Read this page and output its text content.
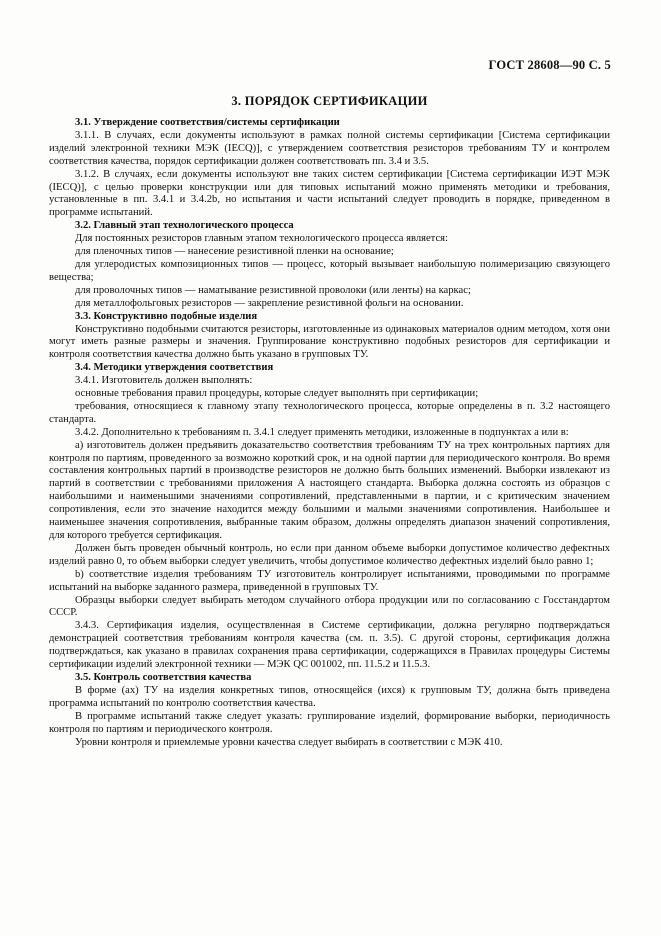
ГОСТ 28608—90 С. 5
3. ПОРЯДОК СЕРТИФИКАЦИИ

3.1. Утверждение соответствия/системы сертификации

3.1.1. В случаях, если документы используют в рамках полной системы сертификации [Система сертификации изделий электронной техники МЭК (IECQ)], с утверждением соответствия резисторов требованиям ТУ и контролем соответствия качества, порядок сертификации должен соответствовать пп. 3.4 и 3.5.

3.1.2. В случаях, если документы используют вне таких систем сертификации [Система сертификации ИЭТ МЭК (IECQ)], с целью проверки конструкции или для типовых испытаний можно применять методики и требования, установленные в пп. 3.4.1 и 3.4.2b, но испытания и части испытаний следует проводить в порядке, приведенном в программе испытаний.

3.2. Главный этап технологического процесса

Для постоянных резисторов главным этапом технологического процесса является:

для пленочных типов — нанесение резистивной пленки на основание;

для углеродистых композиционных типов — процесс, который вызывает наибольшую полимеризацию связующего вещества;

для проволочных типов — наматывание резистивной проволоки (или ленты) на каркас;

для металлофольговых резисторов — закрепление резистивной фольги на основании.

3.3. Конструктивно подобные изделия

Конструктивно подобными считаются резисторы, изготовленные из одинаковых материалов одним методом, хотя они могут иметь разные размеры и значения. Группирование конструктивно подобных резисторов для сертификации и контроля соответствия качества должно быть указано в групповых ТУ.

3.4. Методики утверждения соответствия

3.4.1. Изготовитель должен выполнять:

основные требования правил процедуры, которые следует выполнять при сертификации;

требования, относящиеся к главному этапу технологического процесса, которые определены в п. 3.2 настоящего стандарта.

3.4.2. Дополнительно к требованиям п. 3.4.1 следует применять методики, изложенные в подпунктах а или в:

а) изготовитель должен предъявить доказательство соответствия требованиям ТУ на трех контрольных партиях для контроля по партиям, проведенного за возможно короткий срок, и на одной партии для периодического контроля. Во время составления контрольных партий в производстве резисторов не должно быть больших изменений. Выборки извлекают из партий в соответствии с требованиями приложения А настоящего стандарта. Выборка должна состоять из образцов с наибольшими и наименьшими значениями сопротивлений, представленными в партии, и с критическим значением сопротивления, если это значение находится между большими и малыми значениями сопротивления. Наибольшее и наименьшее значения сопротивления, выбранные таким образом, должны определять диапазон значений сопротивления, для которого требуется сертификация.

Должен быть проведен обычный контроль, но если при данном объеме выборки допустимое количество дефектных изделий равно 0, то объем выборки следует увеличить, чтобы допустимое количество дефектных изделий было равно 1;

b) соответствие изделия требованиям ТУ изготовитель контролирует испытаниями, проводимыми по программе испытаний на выборке заданного размера, приведенной в групповых ТУ.

Образцы выборки следует выбирать методом случайного отбора продукции или по согласованию с Госстандартом СССР.

3.4.3. Сертификация изделия, осуществленная в Системе сертификации, должна регулярно подтверждаться демонстрацией соответствия требованиям контроля качества (см. п. 3.5). С другой стороны, сертификация должна подтверждаться, как указано в правилах сохранения права сертификации, содержащихся в Правилах процедуры Системы сертификации изделий электронной техники — МЭК QC 001002, пп. 11.5.2 и 11.5.3.

3.5. Контроль соответствия качества

В форме (ах) ТУ на изделия конкретных типов, относящейся (ихся) к групповым ТУ, должна быть приведена программа испытаний по контролю соответствия качества.

В программе испытаний также следует указать: группирование изделий, формирование выборки, периодичность контроля по партиям и периодического контроля.

Уровни контроля и приемлемые уровни качества следует выбирать в соответствии с МЭК 410.
